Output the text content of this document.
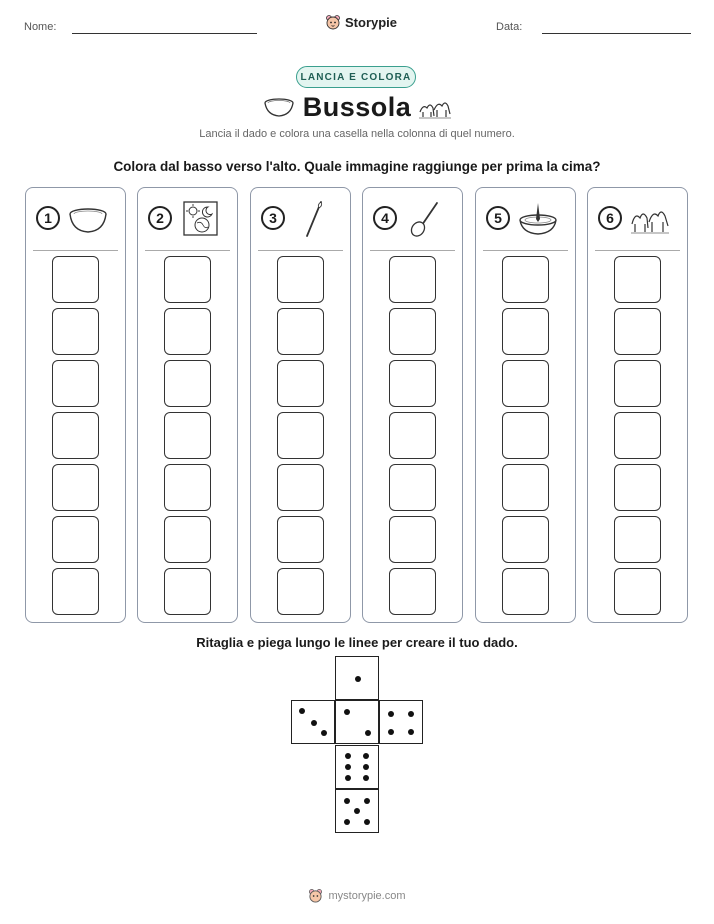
Nome:	Storypie	Data:
LANCIA E COLORA
Bussola
Lancia il dado e colora una casella nella colonna di quel numero.
Colora dal basso verso l'alto. Quale immagine raggiunge per prima la cima?
1	2	3	4	5	6
Ritaglia e piega lungo le linee per creare il tuo dado.
mystorypie.com
